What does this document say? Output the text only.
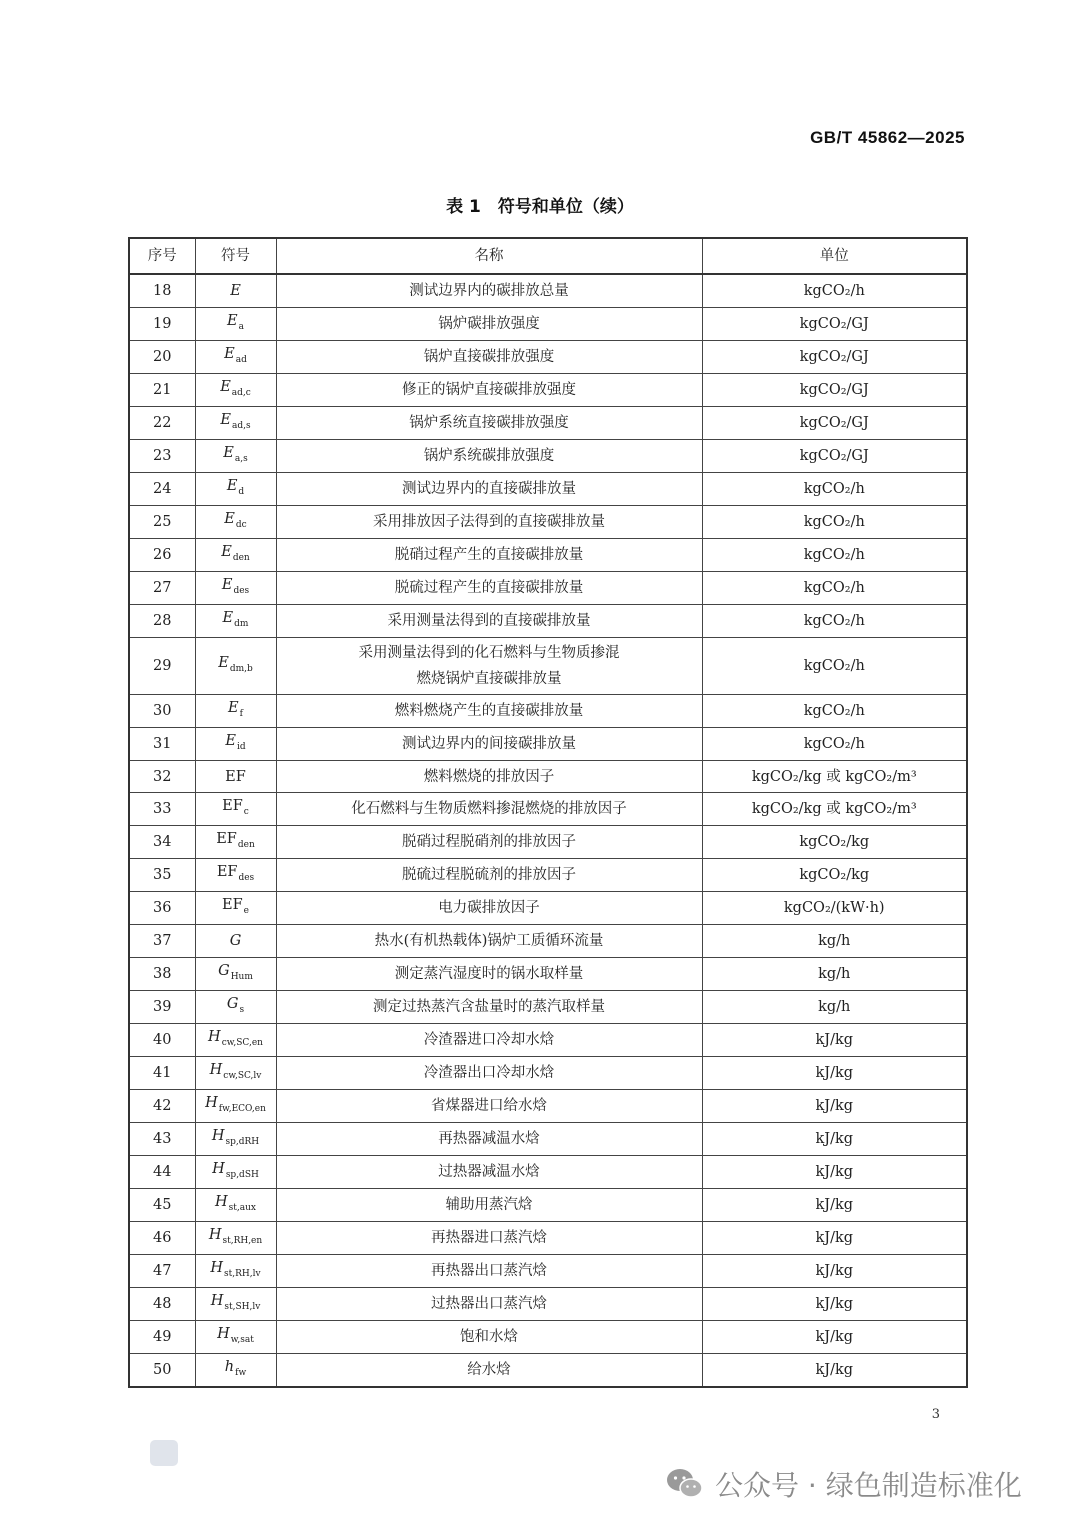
GB/T 45862—2025
表 1　符号和单位（续）
序号	符号	名称	单位
18	E	测试边界内的碳排放总量	kgCO₂/h
19	$E_a$	锅炉碳排放强度	kgCO₂/GJ
20	$E_{ad}$	锅炉直接碳排放强度	kgCO₂/GJ
21	$E_{ad,c}$	修正的锅炉直接碳排放强度	kgCO₂/GJ
22	$E_{ad,s}$	锅炉系统直接碳排放强度	kgCO₂/GJ
23	$E_{a,s}$	锅炉系统碳排放强度	kgCO₂/GJ
24	$E_d$	测试边界内的直接碳排放量	kgCO₂/h
25	$E_{dc}$	采用排放因子法得到的直接碳排放量	kgCO₂/h
26	$E_{den}$	脱硝过程产生的直接碳排放量	kgCO₂/h
27	$E_{des}$	脱硫过程产生的直接碳排放量	kgCO₂/h
28	$E_{dm}$	采用测量法得到的直接碳排放量	kgCO₂/h
29	$E_{dm,b}$	采用测量法得到的化石燃料与生物质掺混
燃烧锅炉直接碳排放量	kgCO₂/h
30	$E_f$	燃料燃烧产生的直接碳排放量	kgCO₂/h
31	$E_{id}$	测试边界内的间接碳排放量	kgCO₂/h
32	EF	燃料燃烧的排放因子	kgCO₂/kg 或 kgCO₂/m³
33	$EF_c$	化石燃料与生物质燃料掺混燃烧的排放因子	kgCO₂/kg 或 kgCO₂/m³
34	$EF_{den}$	脱硝过程脱硝剂的排放因子	kgCO₂/kg
35	$EF_{des}$	脱硫过程脱硫剂的排放因子	kgCO₂/kg
36	$EF_e$	电力碳排放因子	kgCO₂/(kW·h)
37	G	热水(有机热载体)锅炉工质循环流量	kg/h
38	$G_{Hum}$	测定蒸汽湿度时的锅水取样量	kg/h
39	$G_s$	测定过热蒸汽含盐量时的蒸汽取样量	kg/h
40	$H_{cw,SC,en}$	冷渣器进口冷却水焓	kJ/kg
41	$H_{cw,SC,lv}$	冷渣器出口冷却水焓	kJ/kg
42	$H_{fw,ECO,en}$	省煤器进口给水焓	kJ/kg
43	$H_{sp,dRH}$	再热器减温水焓	kJ/kg
44	$H_{sp,dSH}$	过热器减温水焓	kJ/kg
45	$H_{st,aux}$	辅助用蒸汽焓	kJ/kg
46	$H_{st,RH,en}$	再热器进口蒸汽焓	kJ/kg
47	$H_{st,RH,lv}$	再热器出口蒸汽焓	kJ/kg
48	$H_{st,SH,lv}$	过热器出口蒸汽焓	kJ/kg
49	$H_{w,sat}$	饱和水焓	kJ/kg
50	$h_{fw}$	给水焓	kJ/kg
3
公众号 · 绿色制造标准化
